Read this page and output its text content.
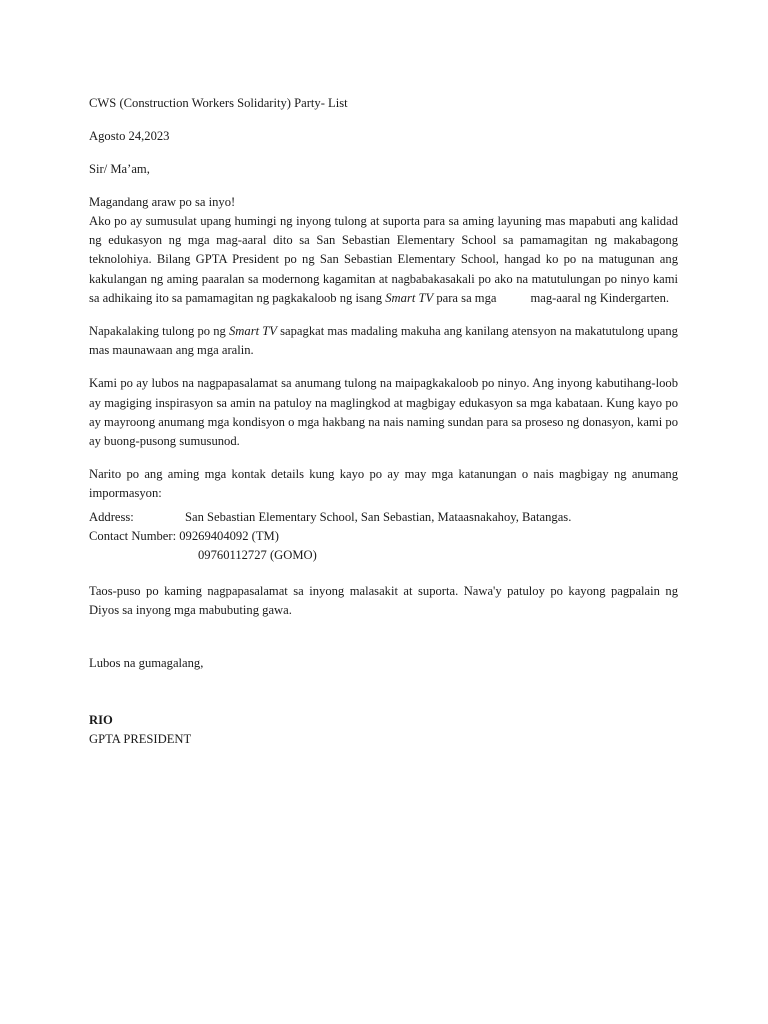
CWS (Construction Workers Solidarity) Party- List
Agosto 24,2023
Sir/ Ma’am,
Magandang araw po sa inyo!
Ako po ay sumusulat upang humingi ng inyong tulong at suporta para sa aming layuning mas mapabuti ang kalidad ng edukasyon ng mga mag-aaral dito sa San Sebastian Elementary School sa pamamagitan ng makabagong teknolohiya. Bilang GPTA President po ng San Sebastian Elementary School, hangad ko po na matugunan ang kakulangan ng aming paaralan sa modernong kagamitan at nagbabakasakali po ako na matutulungan po ninyo kami sa adhikaing ito sa pamamagitan ng pagkakaloob ng isang Smart TV para sa mga	mag-aaral ng Kindergarten.
Napakalaking tulong po ng Smart TV sapagkat mas madaling makuha ang kanilang atensyon na makatutulong upang mas maunawaan ang mga aralin.
Kami po ay lubos na nagpapasalamat sa anumang tulong na maipagkakaloob po ninyo. Ang inyong kabutihang-loob ay magiging inspirasyon sa amin na patuloy na maglingkod at magbigay edukasyon sa mga kabataan. Kung kayo po ay mayroong anumang mga kondisyon o mga hakbang na nais naming sundan para sa proseso ng donasyon, kami po ay buong-pusong sumusunod.
Narito po ang aming mga kontak details kung kayo po ay may mga katanungan o nais magbigay ng anumang impormasyon:
Address:	San Sebastian Elementary School, San Sebastian, Mataasnakahoy, Batangas.
Contact Number: 09269404092 (TM)
09760112727 (GOMO)
Taos-puso po kaming nagpapasalamat sa inyong malasakit at suporta. Nawa'y patuloy po kayong pagpalain ng Diyos sa inyong mga mabubuting gawa.
Lubos na gumagalang,
RIO
GPTA PRESIDENT
